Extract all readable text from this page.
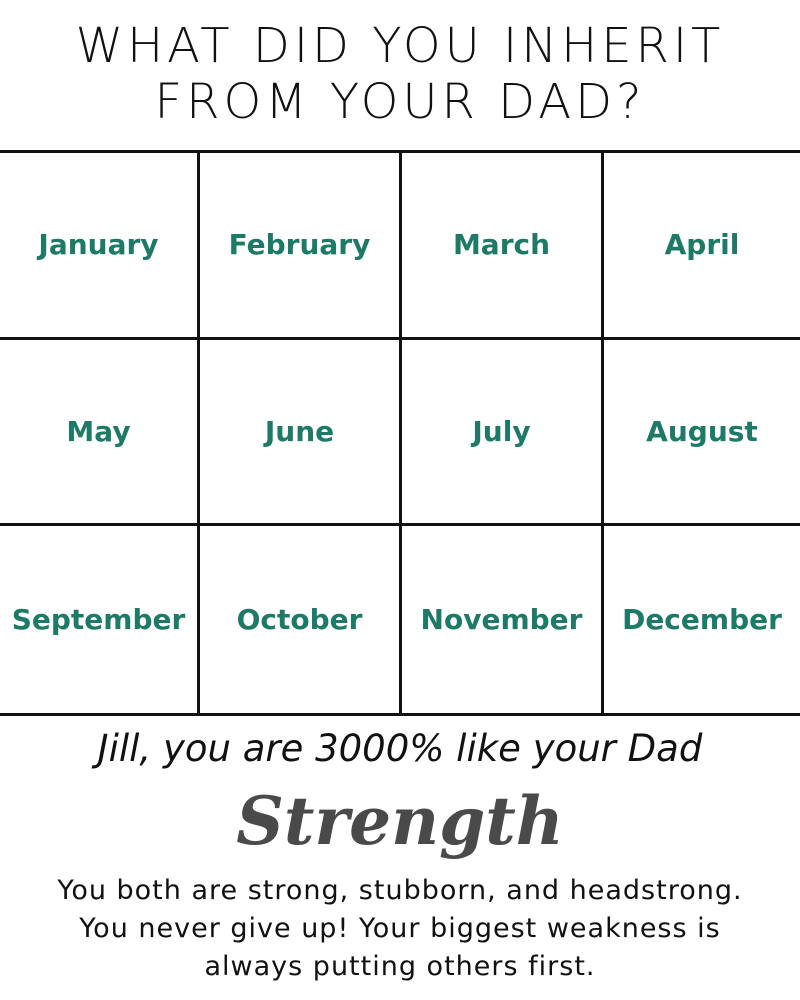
WHAT DID YOU INHERIT
FROM YOUR DAD?
January	February	March	April
May	June	July	August
September	October	November	December
Jill, you are 3000% like your Dad
Strength
You both are strong, stubborn, and headstrong. You never give up! Your biggest weakness is always putting others first.
